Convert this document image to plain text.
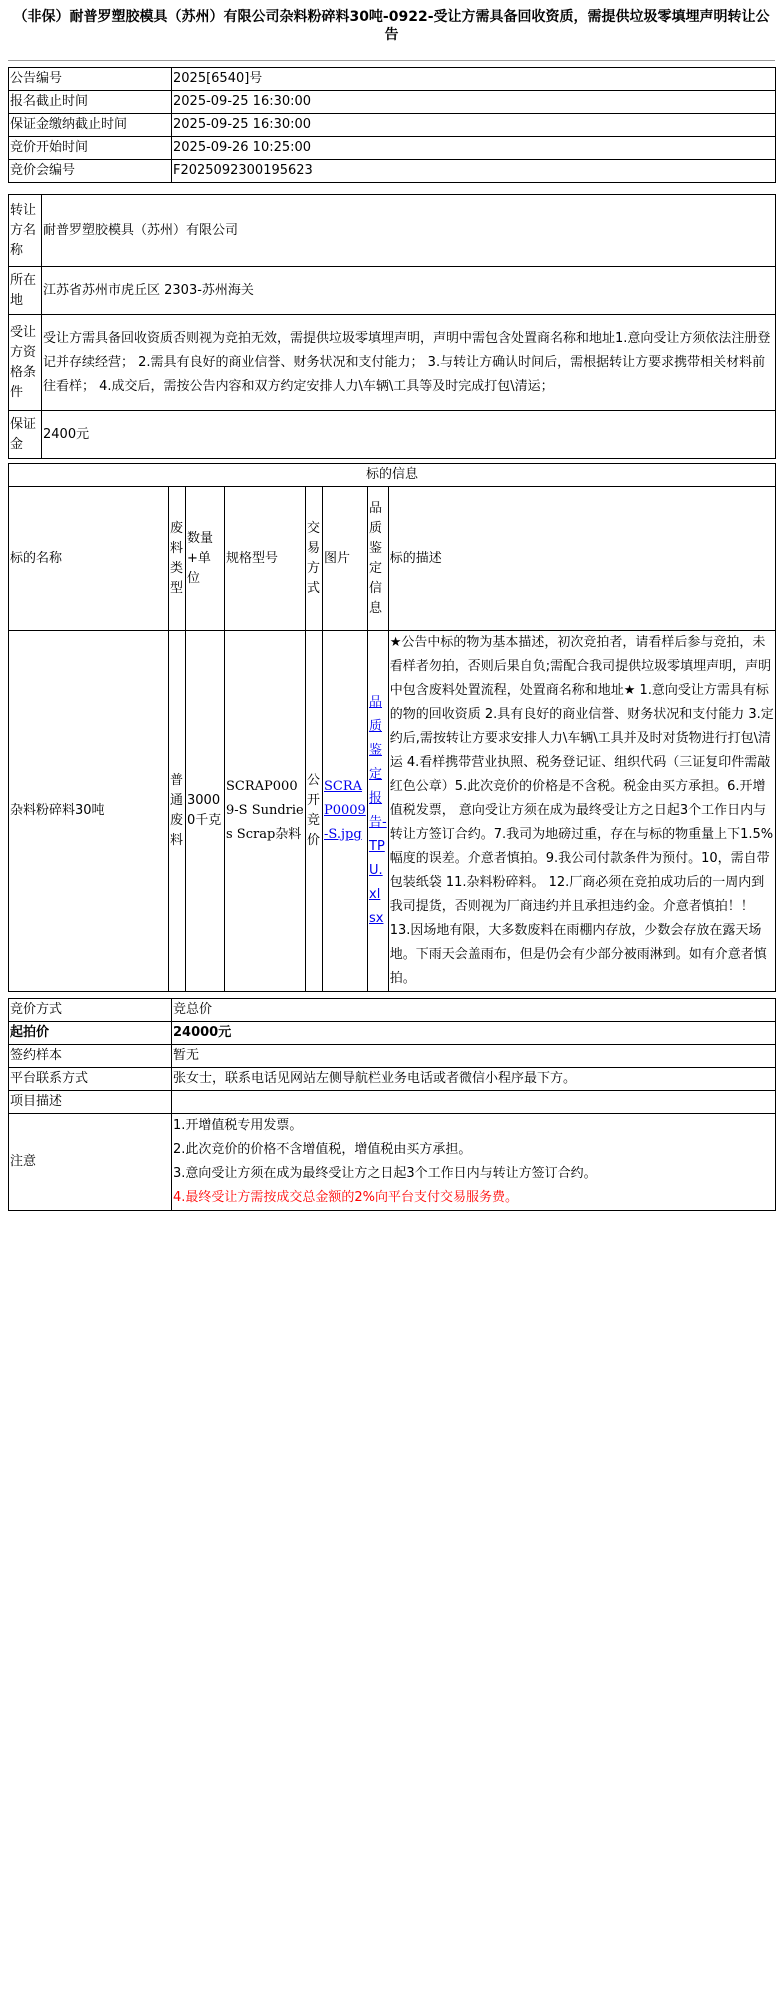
（非保）耐普罗塑胶模具（苏州）有限公司杂料粉碎料30吨-0922-受让方需具备回收资质，需提供垃圾零填埋声明转让公告
公告编号	2025[6540]号
报名截止时间	2025-09-25 16:30:00
保证金缴纳截止时间	2025-09-25 16:30:00
竞价开始时间	2025-09-26 10:25:00
竞价会编号	F2025092300195623
转让方名称	耐普罗塑胶模具（苏州）有限公司
所在地	江苏省苏州市虎丘区 2303-苏州海关
受让方资格条件	受让方需具备回收资质否则视为竞拍无效，需提供垃圾零填埋声明，声明中需包含处置商名称和地址1.意向受让方须依法注册登记并存续经营； 2.需具有良好的商业信誉、财务状况和支付能力； 3.与转让方确认时间后，需根据转让方要求携带相关材料前往看样； 4.成交后，需按公告内容和双方约定安排人力\车辆\工具等及时完成打包\清运；
保证金	2400元
标的信息							
标的名称	废料类型	数量+单位	规格型号	交易方式	图片	品质鉴定信息	标的描述
杂料粉碎料30吨	普通废料	30000千克	SCRAP0009-S Sundries Scrap杂料	公开竞价	SCRAP0009-S.jpg	品质鉴定报告-TPU.xlsx	★公告中标的物为基本描述，初次竞拍者，请看样后参与竞拍，未看样者勿拍，否则后果自负;需配合我司提供垃圾零填埋声明，声明中包含废料处置流程，处置商名称和地址★ 1.意向受让方需具有标的物的回收资质 2.具有良好的商业信誉、财务状况和支付能力 3.定约后,需按转让方要求安排人力\车辆\工具并及时对货物进行打包\清运 4.看样携带营业执照、税务登记证、组织代码（三证复印件需敲红色公章）5.此次竞价的价格是不含税。税金由买方承担。6.开增值税发票， 意向受让方须在成为最终受让方之日起3个工作日内与转让方签订合约。7.我司为地磅过重，存在与标的物重量上下1.5%幅度的误差。介意者慎拍。9.我公司付款条件为预付。10，需自带包装纸袋 11.杂料粉碎料。 12.厂商必须在竞拍成功后的一周内到我司提货，否则视为厂商违约并且承担违约金。介意者慎拍！！ 13.因场地有限，大多数废料在雨棚内存放，少数会存放在露天场地。下雨天会盖雨布，但是仍会有少部分被雨淋到。如有介意者慎拍。
竞价方式	竞总价
起拍价	24000元
签约样本	暂无
平台联系方式	张女士，联系电话见网站左侧导航栏业务电话或者微信小程序最下方。
项目描述	
注意	1.开增值税专用发票。
2.此次竞价的价格不含增值税，增值税由买方承担。
3.意向受让方须在成为最终受让方之日起3个工作日内与转让方签订合约。
4.最终受让方需按成交总金额的2%向平台支付交易服务费。
